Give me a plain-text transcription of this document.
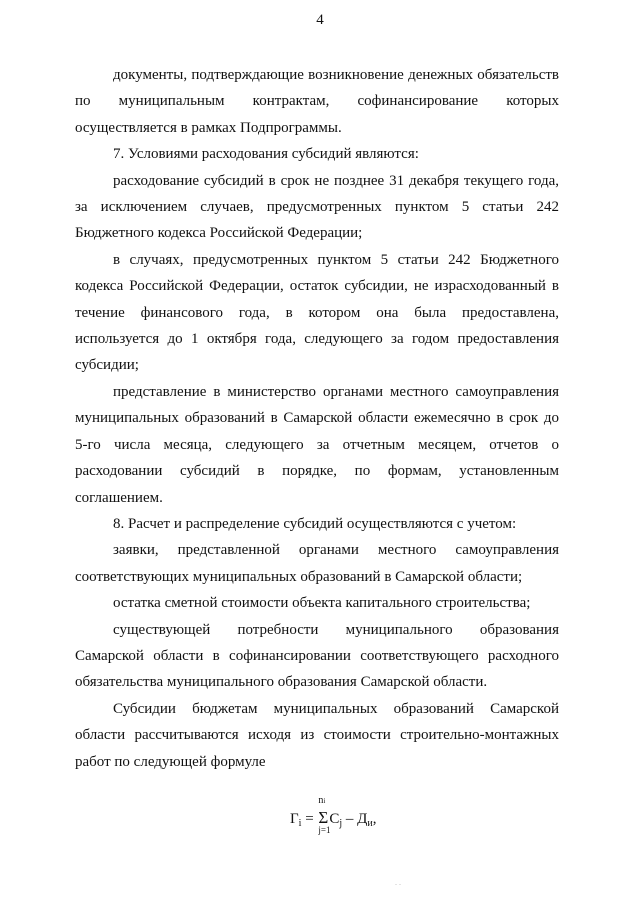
4

документы, подтверждающие возникновение денежных обязательств по муниципальным контрактам, софинансирование которых осуществляется в рамках Подпрограммы.

7. Условиями расходования субсидий являются:

расходование субсидий в срок не позднее 31 декабря текущего года, за исключением случаев, предусмотренных пунктом 5 статьи 242 Бюджетного кодекса Российской Федерации;

в случаях, предусмотренных пунктом 5 статьи 242 Бюджетного кодекса Российской Федерации, остаток субсидии, не израсходованный в течение финансового года, в котором она была предоставлена, используется до 1 октября года, следующего за годом предоставления субсидии;

представление в министерство органами местного самоуправления муниципальных образований в Самарской области ежемесячно в срок до 5-го числа месяца, следующего за отчетным месяцем, отчетов о расходовании субсидий в порядке, по формам, установленным соглашением.

8. Расчет и распределение субсидий осуществляются с учетом:

заявки, представленной органами местного самоуправления соответствующих муниципальных образований в Самарской области;

остатка сметной стоимости объекта капитального строительства;

существующей потребности муниципального образования Самарской области в софинансировании соответствующего расходного обязательства муниципального образования Самарской области.

Субсидии бюджетам муниципальных образований Самарской области рассчитываются исходя из стоимости строительно-монтажных работ по следующей формуле

$Г_i$ =
ni
Σ
j=1
$С_j - Д_и$,
. .
